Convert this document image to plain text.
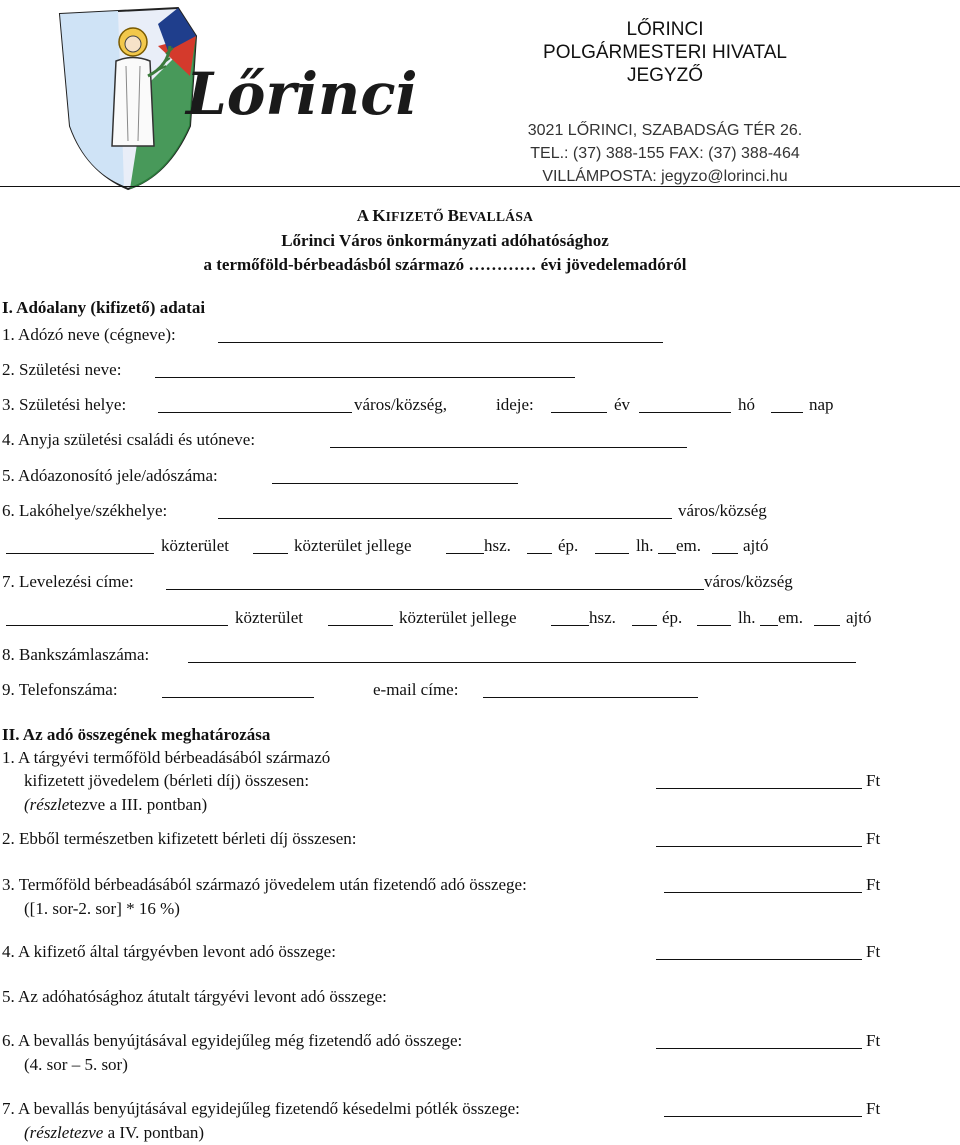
Lőrinci
LŐRINCI
POLGÁRMESTERI HIVATAL
JEGYZŐ
3021 LŐRINCI, SZABADSÁG TÉR 26.
TEL.: (37) 388-155 FAX: (37) 388-464
VILLÁMPOSTA: jegyzo@lorinci.hu
A KIFIZETŐ BEVALLÁSA
Lőrinci Város önkormányzati adóhatósághoz
a termőföld-bérbeadásból származó ………… évi jövedelemadóról
I. Adóalany (kifizető) adatai
1. Adózó neve (cégneve):
2. Születési neve:
3. Születési helye:	város/község,	ideje:	év	hó	nap
4. Anyja születési családi és utóneve:
5. Adóazonosító jele/adószáma:
6. Lakóhelye/székhelye:	város/község
közterület	közterület jellege	hsz.	ép.	lh. em. ajtó
7. Levelezési címe:	város/község
közterület	közterület jellege	hsz.	ép.	lh. em.	ajtó
8. Bankszámlaszáma:
9. Telefonszáma:	e-mail címe:
II. Az adó összegének meghatározása
1. A tárgyévi termőföld bérbeadásából származó
kifizetett jövedelem (bérleti díj) összesen:
(részletezve a III. pontban)
Ft
2. Ebből természetben kifizetett bérleti díj összesen:	Ft
3. Termőföld bérbeadásából származó jövedelem után fizetendő adó összege:
([1. sor-2. sor] * 16 %)
Ft
4. A kifizető által tárgyévben levont adó összege:	Ft
5. Az adóhatósághoz átutalt tárgyévi levont adó összege:
6. A bevallás benyújtásával egyidejűleg még fizetendő adó összege:
(4. sor – 5. sor)
Ft
7. A bevallás benyújtásával egyidejűleg fizetendő késedelmi pótlék összege:
(részletezve a IV. pontban)
Ft
